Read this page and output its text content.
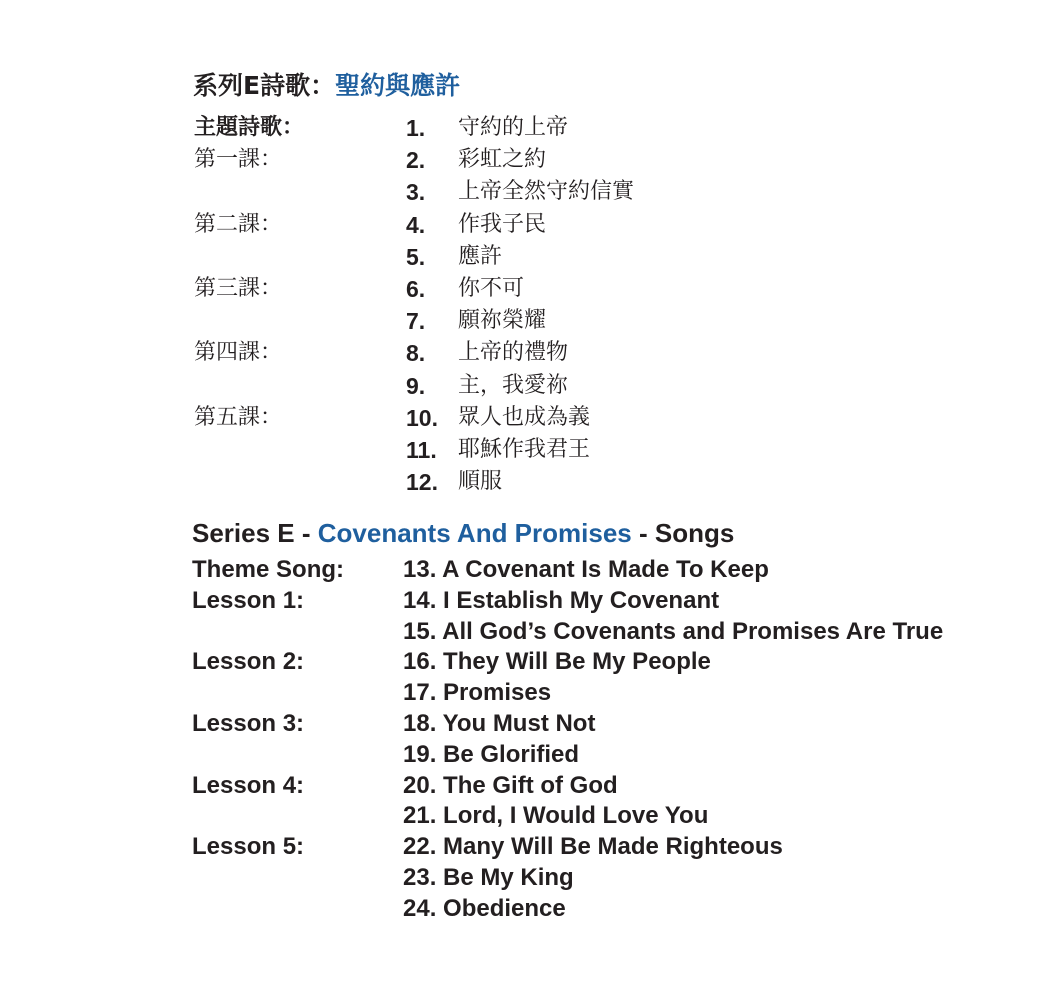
系列E詩歌：聖約與應許
主題詩歌：	1. 守約的上帝
第一課：	2. 彩虹之約
3. 上帝全然守約信實
第二課：	4. 作我子民
5. 應許
第三課：	6. 你不可
7. 願祢榮耀
第四課：	8. 上帝的禮物
9. 主，我愛祢
第五課：	10. 眾人也成為義
11. 耶穌作我君王
12. 順服
Series E - Covenants And Promises - Songs
Theme Song: 13. A Covenant Is Made To Keep
Lesson 1:	14. I Establish My Covenant
15. All God’s Covenants and Promises Are True
Lesson 2:	16. They Will Be My People
17. Promises
Lesson 3:	18. You Must Not
19. Be Glorified
Lesson 4:	20. The Gift of God
21. Lord, I Would Love You
Lesson 5:	22. Many Will Be Made Righteous
23. Be My King
24. Obedience
